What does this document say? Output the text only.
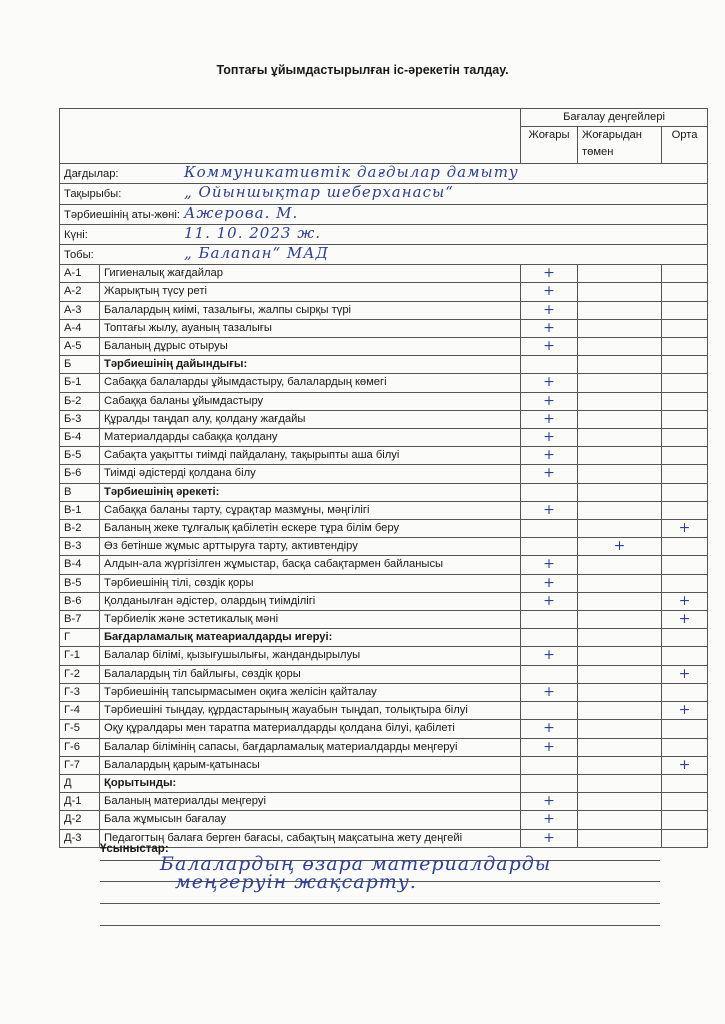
Топтағы ұйымдастырылған іс-әрекетін талдау.
		Бағалау деңгейлері		
		Жоғары	Жоғарыдан төмен	Орта
Дағдылар: Коммуникативтік дағдылар дамыту				
Тақырыбы: „ Ойыншықтар шеберханасы“				
Тәрбиешінің аты-жөні: Ажерова. М.				
Күні: 11. 10. 2023 ж.				
Тобы: „ Балапан“ МАД				
А-1	Гигиеналық жағдайлар	+		
А-2	Жарықтың түсу реті	+		
А-3	Балалардың киімі, тазалығы, жалпы сырқы түрі	+		
А-4	Топтағы жылу, ауаның тазалығы	+		
А-5	Баланың дұрыс отыруы	+		
Б	Тәрбиешінің дайындығы:			
Б-1	Сабаққа балаларды ұйымдастыру, балалардың көмегі	+		
Б-2	Сабаққа баланы ұйымдастыру	+		
Б-3	Құралды таңдап алу, қолдану жағдайы	+		
Б-4	Материалдарды сабаққа қолдану	+		
Б-5	Сабақта уақытты тиімді пайдалану, тақырыпты аша білуі	+		
Б-6	Тиімді әдістерді қолдана білу	+		
В	Тәрбиешінің әрекеті:			
В-1	Сабаққа баланы тарту, сұрақтар мазмұны, мәңгілігі	+		
В-2	Баланың жеке тұлғалық қабілетін ескере тұра білім беру			+
В-3	Өз бетінше жұмыс арттыруға тарту, активтендіру		+	
В-4	Алдын-ала жүргізілген жұмыстар, басқа сабақтармен байланысы	+		
В-5	Тәрбиешінің тілі, сөздік қоры	+		
В-6	Қолданылған әдістер, олардың тиімділігі	+		+
В-7	Тәрбиелік және эстетикалық мәні			+
Г	Бағдарламалық матеариалдарды игеруі:			
Г-1	Балалар білімі, қызығушылығы, жандандырылуы	+		
Г-2	Балалардың тіл байлығы, сөздік қоры			+
Г-3	Тәрбиешінің тапсырмасымен оқиға желісін қайталау	+		
Г-4	Тәрбиешіні тыңдау, құрдастарының жауабын тыңдап, толықтыра білуі			+
Г-5	Оқу құралдары мен таратпа материалдарды қолдана білуі, қабілеті	+		
Г-6	Балалар білімінің сапасы, бағдарламалық материалдарды меңгеруі	+		
Г-7	Балалардың қарым-қатынасы			+
Д	Қорытынды:			
Д-1	Баланың материалды меңгеруі	+		
Д-2	Бала жұмысын бағалау	+		
Д-3	Педагогтың балаға берген бағасы, сабақтың мақсатына жету деңгейі	+		
Ұсыныстар:
Балалардың өзара материалдарды
меңгеруін жақсарту.
